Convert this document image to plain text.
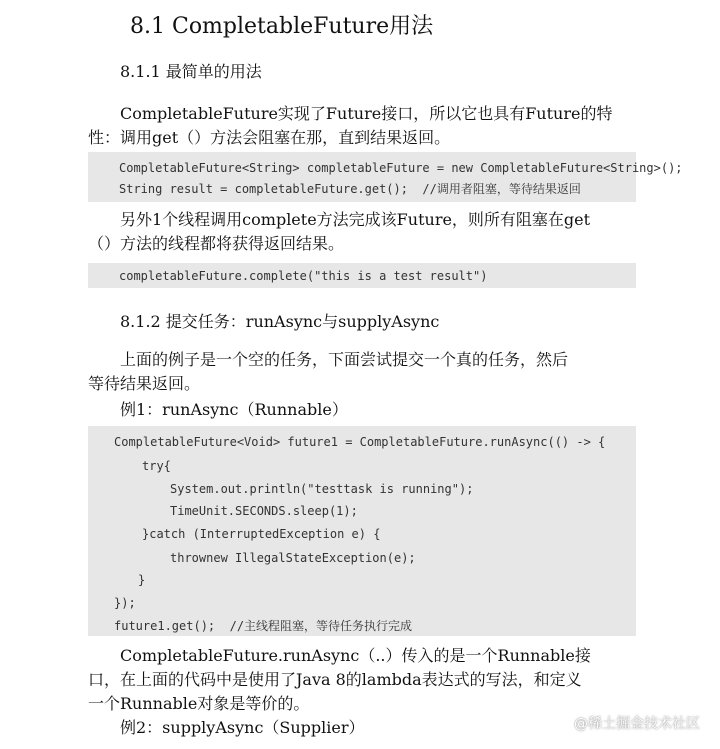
8.1 CompletableFuture用法
8.1.1 最简单的用法
CompletableFuture实现了Future接口，所以它也具有Future的特
性：调用get（）方法会阻塞在那，直到结果返回。
CompletableFuture<String> completableFuture = new CompletableFuture<String>();
String result = completableFuture.get();  //调用者阻塞，等待结果返回
另外1个线程调用complete方法完成该Future，则所有阻塞在get
（）方法的线程都将获得返回结果。
completableFuture.complete("this is a test result")
8.1.2 提交任务：runAsync与supplyAsync
上面的例子是一个空的任务，下面尝试提交一个真的任务，然后
等待结果返回。
例1：runAsync（Runnable）
CompletableFuture<Void> future1 = CompletableFuture.runAsync(() -> {
try{
System.out.println("testtask is running");
TimeUnit.SECONDS.sleep(1);
}catch (InterruptedException e) {
thrownew IllegalStateException(e);
}
});
future1.get();  //主线程阻塞，等待任务执行完成
CompletableFuture.runAsync（..）传入的是一个Runnable接
口，在上面的代码中是使用了Java 8的lambda表达式的写法，和定义
一个Runnable对象是等价的。
例2：supplyAsync（Supplier）	@稀土掘金技术社区
